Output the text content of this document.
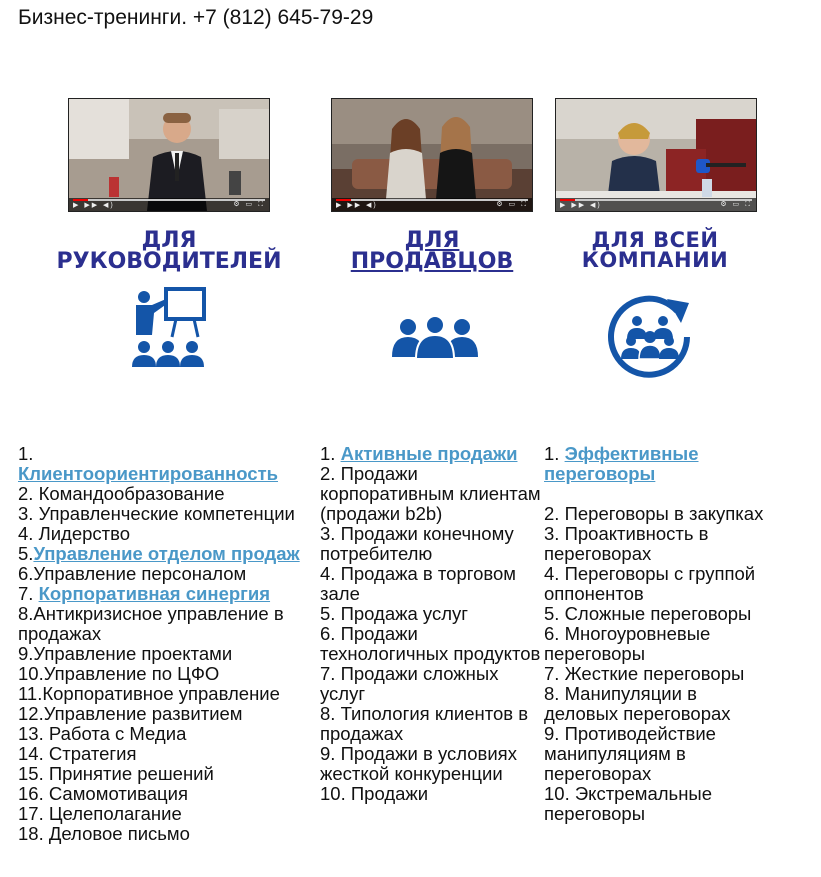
Бизнес-тренинги. +7 (812) 645-79-29
▶ ▶▶ ◀)	⚙ ▭ ⛶	▶ ▶▶ ◀)	⚙ ▭ ⛶	▶ ▶▶ ◀)	⚙ ▭ ⛶
ДЛЯ
РУКОВОДИТЕЛЕЙ
ДЛЯ
ПРОДАВЦОВ
ДЛЯ ВСЕЙ
КОМПАНИИ
1.
Клиентоориентированность
2. Командообразование
3. Управленческие компетенции
4. Лидерство
5.Управление отделом продаж
6.Управление персоналом
7. Корпоративная синергия
8.Антикризисное управление в продажах
9.Управление проектами
10.Управление по ЦФО
11.Корпоративное управление
12.Управление развитием
13. Работа с Медиа
14. Стратегия
15. Принятие решений
16. Самомотивация
17. Целеполагание
18. Деловое письмо
1. Активные продажи
2. Продажи корпоративным клиентам (продажи b2b)
3. Продажи конечному потребителю
4. Продажа в торговом зале
5. Продажа услуг
6. Продажи технологичных продуктов
7. Продажи сложных услуг
8. Типология клиентов в продажах
9. Продажи в условиях жесткой конкуренции
10. Продажи
1. Эффективные переговоры
2. Переговоры в закупках
3. Проактивность в переговорах
4. Переговоры с группой оппонентов
5. Сложные переговоры
6. Многоуровневые переговоры
7. Жесткие переговоры
8. Манипуляции в деловых переговорах
9. Противодействие манипуляциям в переговорах
10. Экстремальные переговоры
